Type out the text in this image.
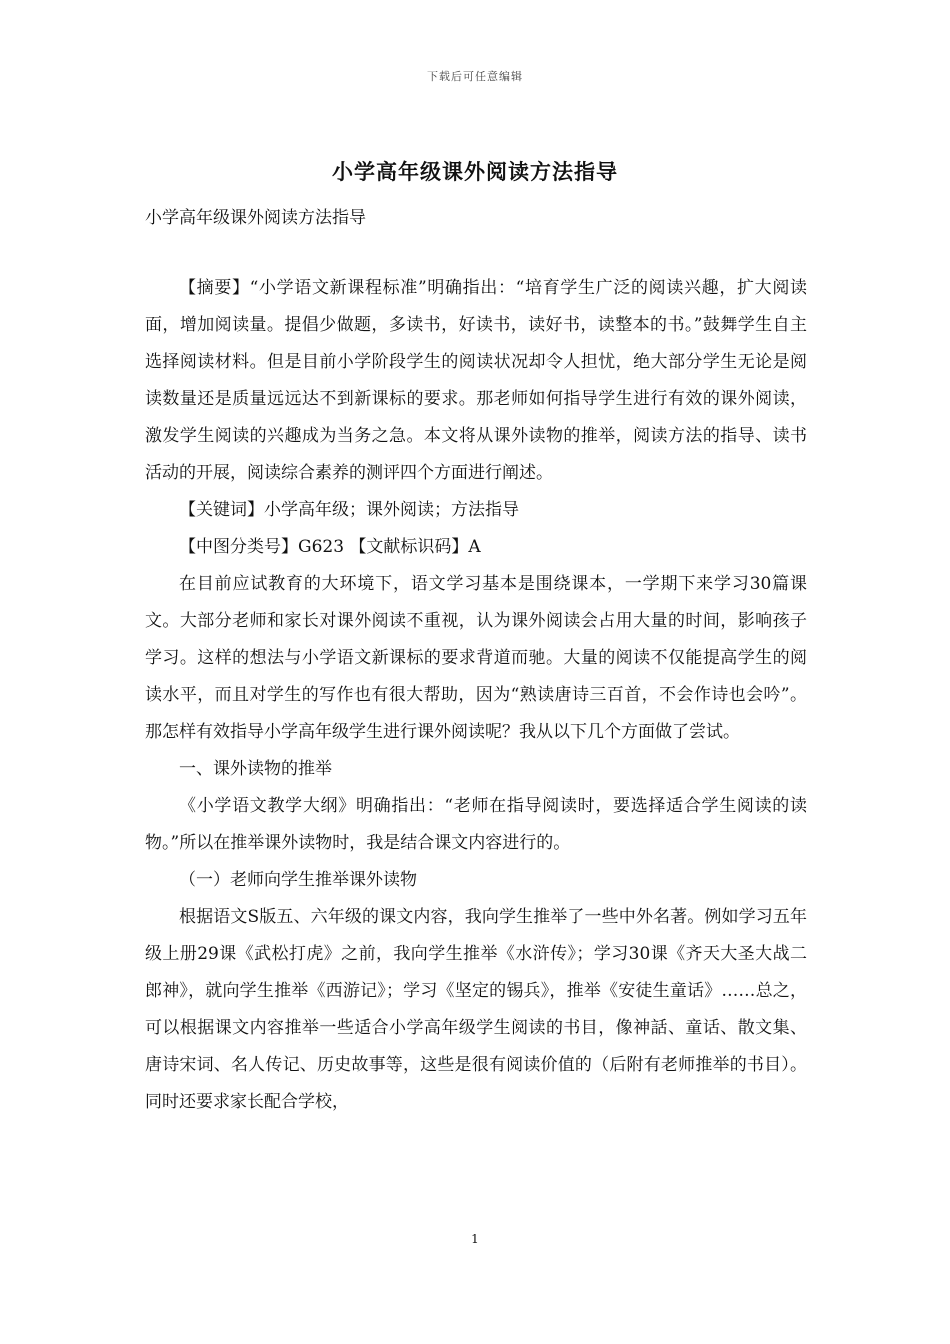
下载后可任意编辑
小学高年级课外阅读方法指导
小学高年级课外阅读方法指导

【摘要】“小学语文新课程标准”明确指出：“培育学生广泛的阅读兴趣，扩大阅读面，增加阅读量。提倡少做题，多读书，好读书，读好书，读整本的书。”鼓舞学生自主选择阅读材料。但是目前小学阶段学生的阅读状况却令人担忧，绝大部分学生无论是阅读数量还是质量远远达不到新课标的要求。那老师如何指导学生进行有效的课外阅读，激发学生阅读的兴趣成为当务之急。本文将从课外读物的推举，阅读方法的指导、读书活动的开展，阅读综合素养的测评四个方面进行阐述。

【关键词】小学高年级；课外阅读；方法指导

【中图分类号】G623 【文献标识码】A

在目前应试教育的大环境下，语文学习基本是围绕课本，一学期下来学习30篇课文。大部分老师和家长对课外阅读不重视，认为课外阅读会占用大量的时间，影响孩子学习。这样的想法与小学语文新课标的要求背道而驰。大量的阅读不仅能提高学生的阅读水平，而且对学生的写作也有很大帮助，因为“熟读唐诗三百首，不会作诗也会吟”。那怎样有效指导小学高年级学生进行课外阅读呢？我从以下几个方面做了尝试。

一、课外读物的推举

《小学语文教学大纲》明确指出：“老师在指导阅读时，要选择适合学生阅读的读物。”所以在推举课外读物时，我是结合课文内容进行的。

（一）老师向学生推举课外读物

根据语文S版五、六年级的课文内容，我向学生推举了一些中外名著。例如学习五年级上册29课《武松打虎》之前，我向学生推举《水浒传》；学习30课《齐天大圣大战二郎神》，就向学生推举《西游记》；学习《坚定的锡兵》，推举《安徒生童话》……总之，可以根据课文内容推举一些适合小学高年级学生阅读的书目，像神話、童话、散文集、唐诗宋词、名人传记、历史故事等，这些是很有阅读价值的（后附有老师推举的书目）。同时还要求家长配合学校，

1
